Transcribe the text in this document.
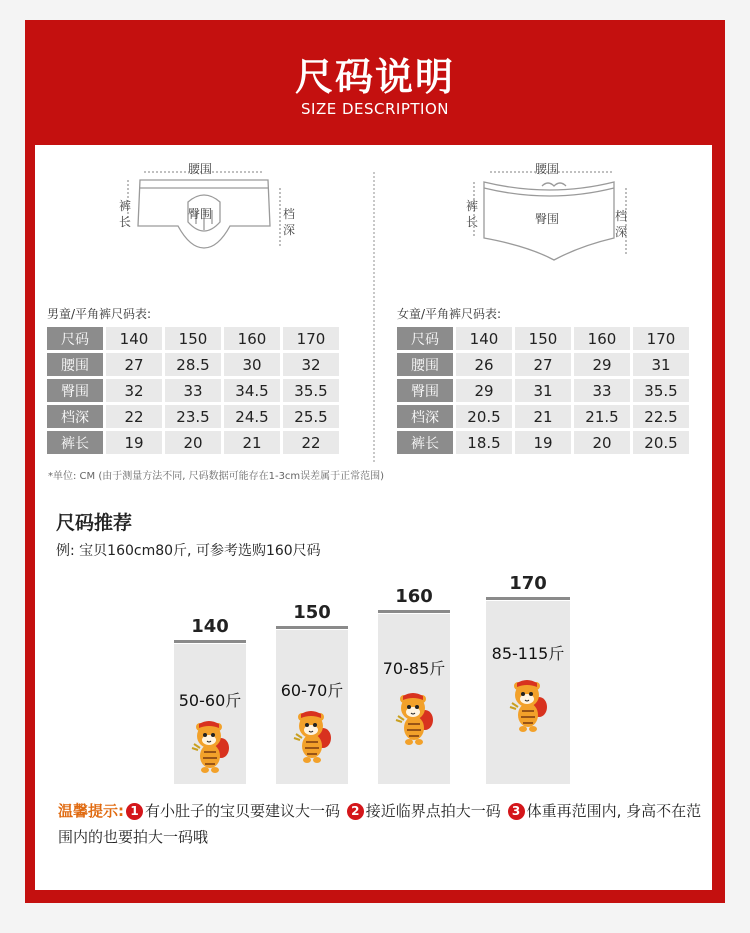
尺码说明
SIZE DESCRIPTION
腰围
臀围
裤长
档深
腰围
臀围
裤长	档深
男童/平角裤尺码表:
尺码	140	150	160	170
腰围	27	28.5	30	32
臀围	32	33	34.5	35.5
档深	22	23.5	24.5	25.5
裤长	19	20	21	22
女童/平角裤尺码表:
尺码	140	150	160	170
腰围	26	27	29	31
臀围	29	31	33	35.5
档深	20.5	21	21.5	22.5
裤长	18.5	19	20	20.5
*单位: CM (由于测量方法不同, 尺码数据可能存在1-3cm误差属于正常范围)
尺码推荐
例: 宝贝160cm80斤, 可参考选购160尺码
140
50-60斤
150
60-70斤
160
70-85斤
170
85-115斤
温馨提示: 1 有小肚子的宝贝要建议大一码 2 接近临界点拍大一码 3 体重再范围内, 身高不在范围内的也要拍大一码哦
